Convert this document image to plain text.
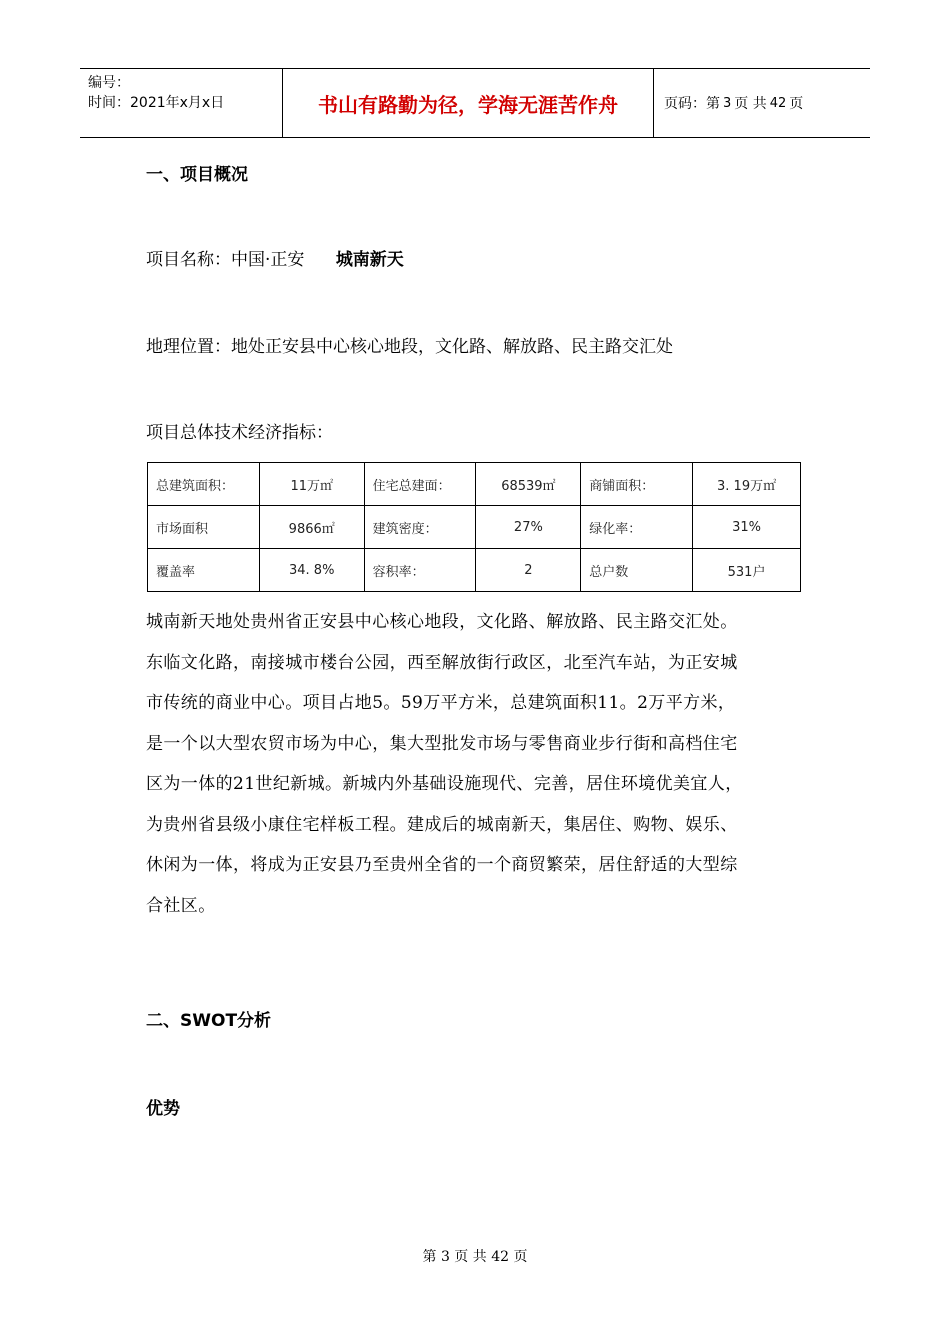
编号：
时间：2021年x月x日	书山有路勤为径，学海无涯苦作舟	页码：第 3 页 共 42 页
一、项目概况
项目名称：中国·正安 城南新天
地理位置：地处正安县中心核心地段，文化路、解放路、民主路交汇处
项目总体技术经济指标：
总建筑面积：	11万㎡	住宅总建面：	68539㎡	商铺面积：	3. 19万㎡
市场面积	9866㎡	建筑密度：	27%	绿化率：	31%
覆盖率	34. 8%	容积率：	2	总户数	531户
城南新天地处贵州省正安县中心核心地段，文化路、解放路、民主路交汇处。
东临文化路，南接城市楼台公园，西至解放街行政区，北至汽车站，为正安城
市传统的商业中心。项目占地5。59万平方米，总建筑面积11。2万平方米，
是一个以大型农贸市场为中心，集大型批发市场与零售商业步行街和高档住宅
区为一体的21世纪新城。新城内外基础设施现代、完善，居住环境优美宜人，
为贵州省县级小康住宅样板工程。建成后的城南新天，集居住、购物、娱乐、
休闲为一体，将成为正安县乃至贵州全省的一个商贸繁荣，居住舒适的大型综
合社区。
二、SWOT分析
优势
第 3 页 共 42 页
